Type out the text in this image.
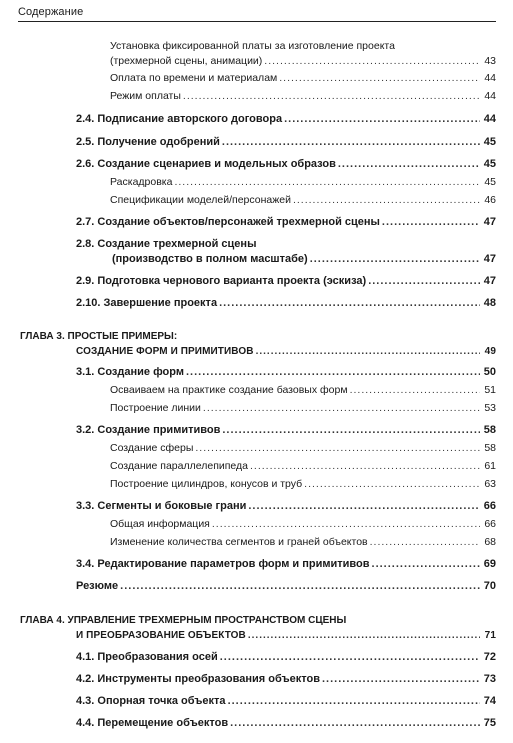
Содержание
Установка фиксированной платы за изготовление проекта
(трехмерной сцены, анимации) .....	43
Оплата по времени и материалам .....	44
Режим оплаты .....	44
2.4. Подписание авторского договора .....	44
2.5. Получение одобрений .....	45
2.6. Создание сценариев и модельных образов .....	45
Раскадровка .....	45
Спецификации моделей/персонажей .....	46
2.7. Создание объектов/персонажей трехмерной сцены .....	47
2.8. Создание трехмерной сцены
(производство в полном масштабе) .....	47
2.9. Подготовка чернового варианта проекта (эскиза) .....	47
2.10. Завершение проекта .....	48
ГЛАВА 3. ПРОСТЫЕ ПРИМЕРЫ:
СОЗДАНИЕ ФОРМ И ПРИМИТИВОВ .....	49
3.1. Создание форм .....	50
Осваиваем на практике создание базовых форм .....	51
Построение линии .....	53
3.2. Создание примитивов .....	58
Создание сферы .....	58
Создание параллелепипеда .....	61
Построение цилиндров, конусов и труб .....	63
3.3. Сегменты и боковые грани .....	66
Общая информация .....	66
Изменение количества сегментов и граней объектов .....	68
3.4. Редактирование параметров форм и примитивов .....	69
Резюме .....	70
ГЛАВА 4. УПРАВЛЕНИЕ ТРЕХМЕРНЫМ ПРОСТРАНСТВОМ СЦЕНЫ
И ПРЕОБРАЗОВАНИЕ ОБЪЕКТОВ .....	71
4.1. Преобразования осей .....	72
4.2. Инструменты преобразования объектов .....	73
4.3. Опорная точка объекта .....	74
4.4. Перемещение объектов .....	75
